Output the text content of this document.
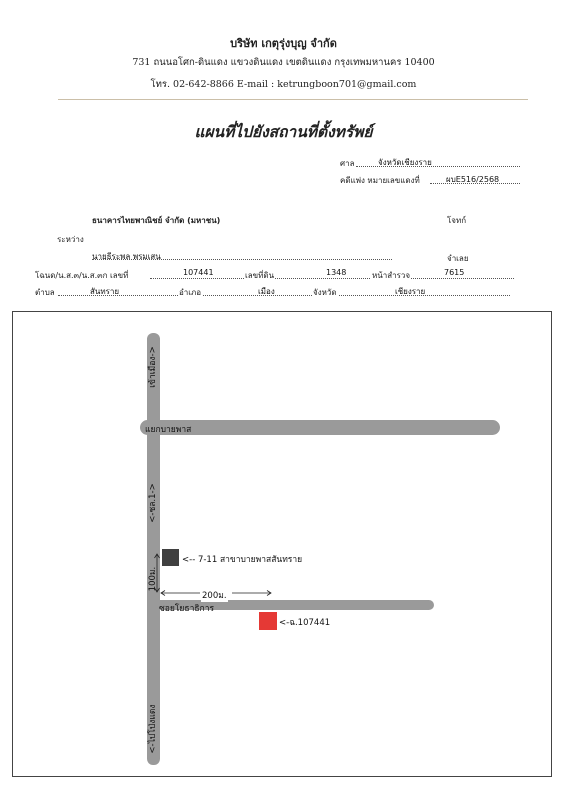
บริษัท เกตุรุ่งบุญ จำกัด
731 ถนนอโศก-ดินแดง แขวงดินแดง เขตดินแดง กรุงเทพมหานคร 10400
โทร. 02-642-8866 E-mail : ketrungboon701@gmail.com
แผนที่ไปยังสถานที่ตั้งทรัพย์
ศาล	จังหวัดเชียงราย
คดีแพ่ง หมายเลขแดงที่	ผบE516/2568
ธนาคารไทยพาณิชย์ จำกัด (มหาชน)	โจทก์
ระหว่าง
นายธีระพล พรมเสน	จำเลย
โฉนด/น.ส.๓/น.ส.๓ก เลขที่	107441	เลขที่ดิน	1348	หน้าสำรวจ	7615
ตำบล	สันทราย	อำเภอ	เมือง	จังหวัด	เชียงราย
เข้าเมือง->
<-ชล.1->
100ม.
<-ไปโป่งแดง
แยกบายพาส
<-- 7-11 สาขาบายพาสสันทราย
200ม.
ซอยโยธาธิการ
<-ฉ.107441
